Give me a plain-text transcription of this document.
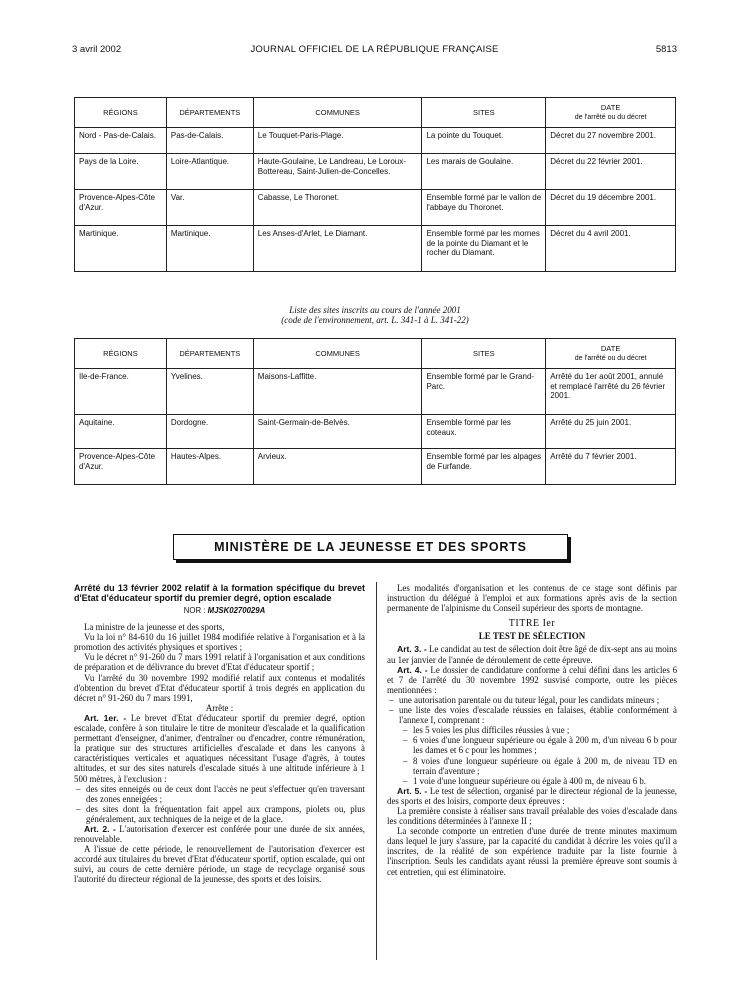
3 avril 2002	JOURNAL OFFICIEL DE LA RÉPUBLIQUE FRANÇAISE	5813
RÉGIONS	DÉPARTEMENTS	COMMUNES	SITES	DATE
de l'arrêté ou du décret

Nord - Pas-de-Calais.	Pas-de-Calais.	Le Touquet-Paris-Plage.	La pointe du Touquet.	Décret du 27 novembre 2001.
Pays de la Loire.	Loire-Atlantique.	Haute-Goulaine, Le Landreau, Le Loroux-Bottereau, Saint-Julien-de-Concelles.	Les marais de Goulaine.	Décret du 22 février 2001.
Provence-Alpes-Côte d'Azur.	Var.	Cabasse, Le Thoronet.	Ensemble formé par le vallon de l'abbaye du Thoronet.	Décret du 19 décembre 2001.
Martinique.	Martinique.	Les Anses-d'Arlet, Le Diamant.	Ensemble formé par les mornes de la pointe du Diamant et le rocher du Diamant.	Décret du 4 avril 2001.
Liste des sites inscrits au cours de l'année 2001
(code de l'environnement, art. L. 341-1 à L. 341-22)
RÉGIONS	DÉPARTEMENTS	COMMUNES	SITES	DATE
de l'arrêté ou du décret

Ile-de-France.	Yvelines.	Maisons-Laffitte.	Ensemble formé par le Grand-Parc.	Arrêté du 1er août 2001, annulé et remplacé l'arrêté du 26 février 2001.
Aquitaine.	Dordogne.	Saint-Germain-de-Belvès.	Ensemble formé par les coteaux.	Arrêté du 25 juin 2001.
Provence-Alpes-Côte d'Azur.	Hautes-Alpes.	Arvieux.	Ensemble formé par les alpages de Furfande.	Arrêté du 7 février 2001.
MINISTÈRE DE LA JEUNESSE ET DES SPORTS

Arrêté du 13 février 2002 relatif à la formation spécifique du brevet d'Etat d'éducateur sportif du premier degré, option escalade

NOR : MJSK0270029A

La ministre de la jeunesse et des sports,

Vu la loi n° 84-610 du 16 juillet 1984 modifiée relative à l'organisation et à la promotion des activités physiques et sportives ;

Vu le décret n° 91-260 du 7 mars 1991 relatif à l'organisation et aux conditions de préparation et de délivrance du brevet d'Etat d'éducateur sportif ;

Vu l'arrêté du 30 novembre 1992 modifié relatif aux contenus et modalités d'obtention du brevet d'Etat d'éducateur sportif à trois degrés en application du décret n° 91-260 du 7 mars 1991,

Arrête :

Art. 1er. - Le brevet d'Etat d'éducateur sportif du premier degré, option escalade, confère à son titulaire le titre de moniteur d'escalade et la qualification permettant d'enseigner, d'animer, d'entraîner ou d'encadrer, contre rémunération, la pratique sur des structures artificielles d'escalade et dans les canyons à caractéristiques verticales et aquatiques nécessitant l'usage d'agrès, à toutes altitudes, et sur des sites naturels d'escalade situés à une altitude inférieure à 1 500 mètres, à l'exclusion :

– des sites enneigés ou de ceux dont l'accès ne peut s'effectuer qu'en traversant des zones enneigées ;

– des sites dont la fréquentation fait appel aux crampons, piolets ou, plus généralement, aux techniques de la neige et de la glace.

Art. 2. - L'autorisation d'exercer est conférée pour une durée de six années, renouvelable.

A l'issue de cette période, le renouvellement de l'autorisation d'exercer est accordé aux titulaires du brevet d'Etat d'éducateur sportif, option escalade, qui ont suivi, au cours de cette dernière période, un stage de recyclage organisé sous l'autorité du directeur régional de la jeunesse, des sports et des loisirs.

Les modalités d'organisation et les contenus de ce stage sont définis par instruction du délégué à l'emploi et aux formations après avis de la section permanente de l'alpinisme du Conseil supérieur des sports de montagne.

TITRE Ier

LE TEST DE SÉLECTION

Art. 3. - Le candidat au test de sélection doit être âgé de dix-sept ans au moins au 1er janvier de l'année de déroulement de cette épreuve.

Art. 4. - Le dossier de candidature conforme à celui défini dans les articles 6 et 7 de l'arrêté du 30 novembre 1992 susvisé comporte, outre les pièces mentionnées :

– une autorisation parentale ou du tuteur légal, pour les candidats mineurs ;

– une liste des voies d'escalade réussies en falaises, établie conformément à l'annexe I, comprenant :

– les 5 voies les plus difficiles réussies à vue ;

– 6 voies d'une longueur supérieure ou égale à 200 m, d'un niveau 6 b pour les dames et 6 c pour les hommes ;

– 8 voies d'une longueur supérieure ou égale à 200 m, de niveau TD en terrain d'aventure ;

– 1 voie d'une longueur supérieure ou égale à 400 m, de niveau 6 b.

Art. 5. - Le test de sélection, organisé par le directeur régional de la jeunesse, des sports et des loisirs, comporte deux épreuves :

La première consiste à réaliser sans travail préalable des voies d'escalade dans les conditions déterminées à l'annexe II ;

La seconde comporte un entretien d'une durée de trente minutes maximum dans lequel le jury s'assure, par la capacité du candidat à décrire les voies qu'il a inscrites, de la réalité de son expérience traduite par la liste fournie à l'inscription. Seuls les candidats ayant réussi la première épreuve sont soumis à cet entretien, qui est éliminatoire.
